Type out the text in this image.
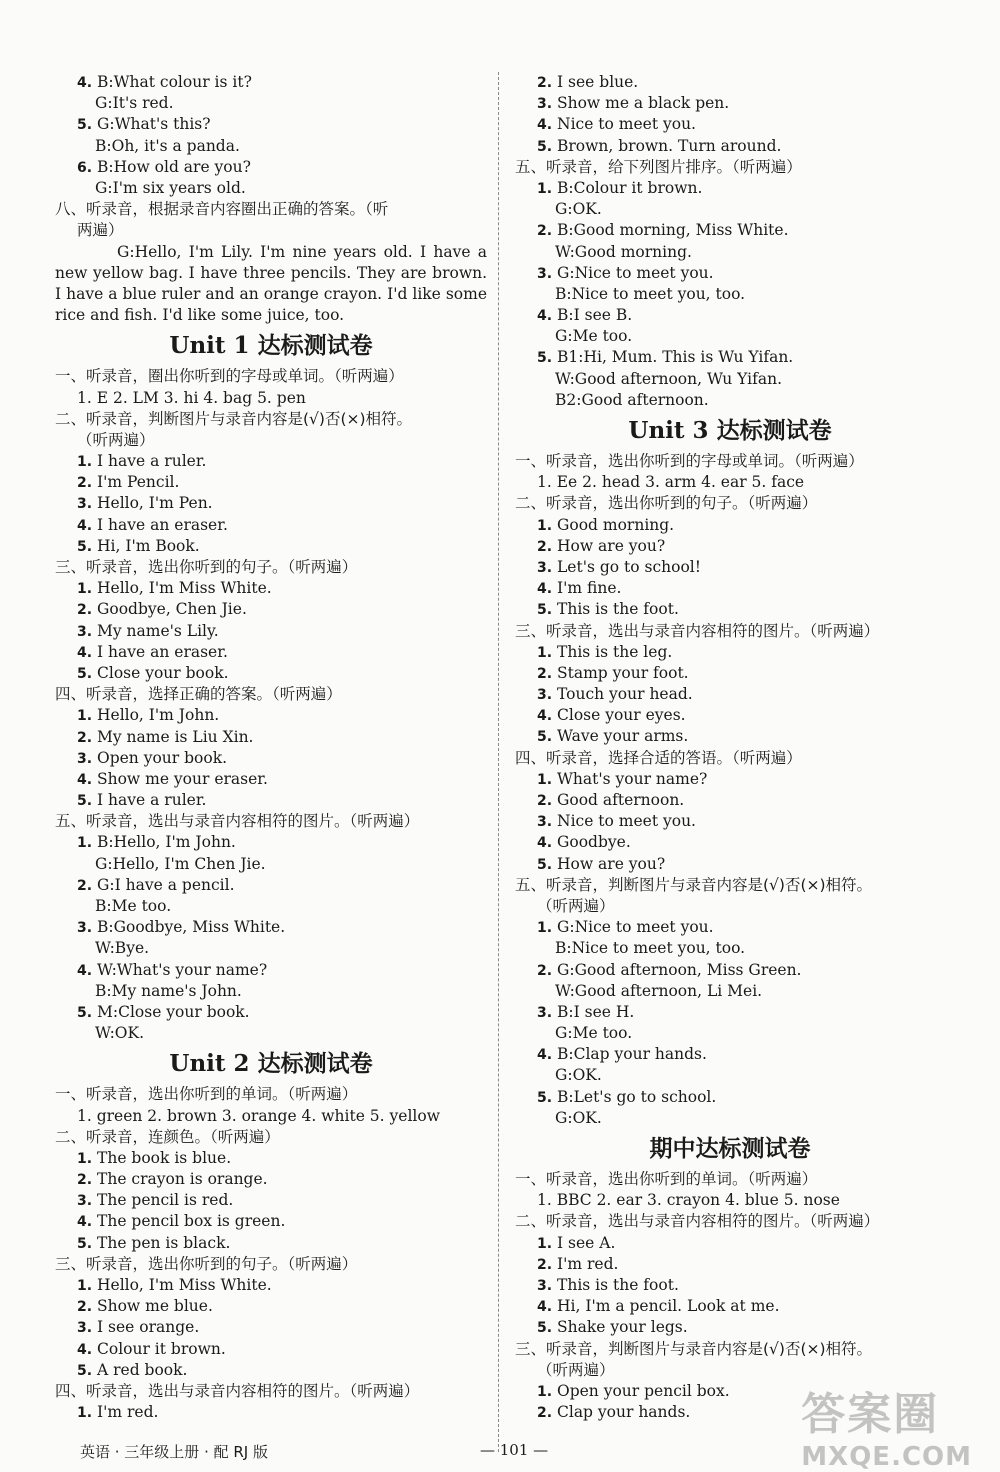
4. B:What colour is it?
G:It's red.
5. G:What's this?
B:Oh, it's a panda.
6. B:How old are you?
G:I'm six years old.
八、听录音，根据录音内容圈出正确的答案。（听
两遍）
G:Hello, I'm Lily. I'm nine years old. I have a new yellow bag. I have three pencils. They are brown. I have a blue ruler and an orange crayon. I'd like some rice and fish. I'd like some juice, too.
Unit 1 达标测试卷
一、听录音，圈出你听到的字母或单词。（听两遍）
1. E 2. LM 3. hi 4. bag 5. pen
二、听录音，判断图片与录音内容是(√)否(×)相符。
（听两遍）
1. I have a ruler.
2. I'm Pencil.
3. Hello, I'm Pen.
4. I have an eraser.
5. Hi, I'm Book.
三、听录音，选出你听到的句子。（听两遍）
1. Hello, I'm Miss White.
2. Goodbye, Chen Jie.
3. My name's Lily.
4. I have an eraser.
5. Close your book.
四、听录音，选择正确的答案。（听两遍）
1. Hello, I'm John.
2. My name is Liu Xin.
3. Open your book.
4. Show me your eraser.
5. I have a ruler.
五、听录音，选出与录音内容相符的图片。（听两遍）
1. B:Hello, I'm John.
G:Hello, I'm Chen Jie.
2. G:I have a pencil.
B:Me too.
3. B:Goodbye, Miss White.
W:Bye.
4. W:What's your name?
B:My name's John.
5. M:Close your book.
W:OK.
Unit 2 达标测试卷
一、听录音，选出你听到的单词。（听两遍）
1. green 2. brown 3. orange 4. white 5. yellow
二、听录音，连颜色。（听两遍）
1. The book is blue.
2. The crayon is orange.
3. The pencil is red.
4. The pencil box is green.
5. The pen is black.
三、听录音，选出你听到的句子。（听两遍）
1. Hello, I'm Miss White.
2. Show me blue.
3. I see orange.
4. Colour it brown.
5. A red book.
四、听录音，选出与录音内容相符的图片。（听两遍）
1. I'm red.
2. I see blue.
3. Show me a black pen.
4. Nice to meet you.
5. Brown, brown. Turn around.
五、听录音，给下列图片排序。（听两遍）
1. B:Colour it brown.
G:OK.
2. B:Good morning, Miss White.
W:Good morning.
3. G:Nice to meet you.
B:Nice to meet you, too.
4. B:I see B.
G:Me too.
5. B1:Hi, Mum. This is Wu Yifan.
W:Good afternoon, Wu Yifan.
B2:Good afternoon.
Unit 3 达标测试卷
一、听录音，选出你听到的字母或单词。（听两遍）
1. Ee 2. head 3. arm 4. ear 5. face
二、听录音，选出你听到的句子。（听两遍）
1. Good morning.
2. How are you?
3. Let's go to school!
4. I'm fine.
5. This is the foot.
三、听录音，选出与录音内容相符的图片。（听两遍）
1. This is the leg.
2. Stamp your foot.
3. Touch your head.
4. Close your eyes.
5. Wave your arms.
四、听录音，选择合适的答语。（听两遍）
1. What's your name?
2. Good afternoon.
3. Nice to meet you.
4. Goodbye.
5. How are you?
五、听录音，判断图片与录音内容是(√)否(×)相符。
（听两遍）
1. G:Nice to meet you.
B:Nice to meet you, too.
2. G:Good afternoon, Miss Green.
W:Good afternoon, Li Mei.
3. B:I see H.
G:Me too.
4. B:Clap your hands.
G:OK.
5. B:Let's go to school.
G:OK.
期中达标测试卷
一、听录音，选出你听到的单词。（听两遍）
1. BBC 2. ear 3. crayon 4. blue 5. nose
二、听录音，选出与录音内容相符的图片。（听两遍）
1. I see A.
2. I'm red.
3. This is the foot.
4. Hi, I'm a pencil. Look at me.
5. Shake your legs.
三、听录音，判断图片与录音内容是(√)否(×)相符。
（听两遍）
1. Open your pencil box.
2. Clap your hands.
英语 · 三年级上册 · 配 RJ 版	— 101 —
答案圈
MXQE.COM
